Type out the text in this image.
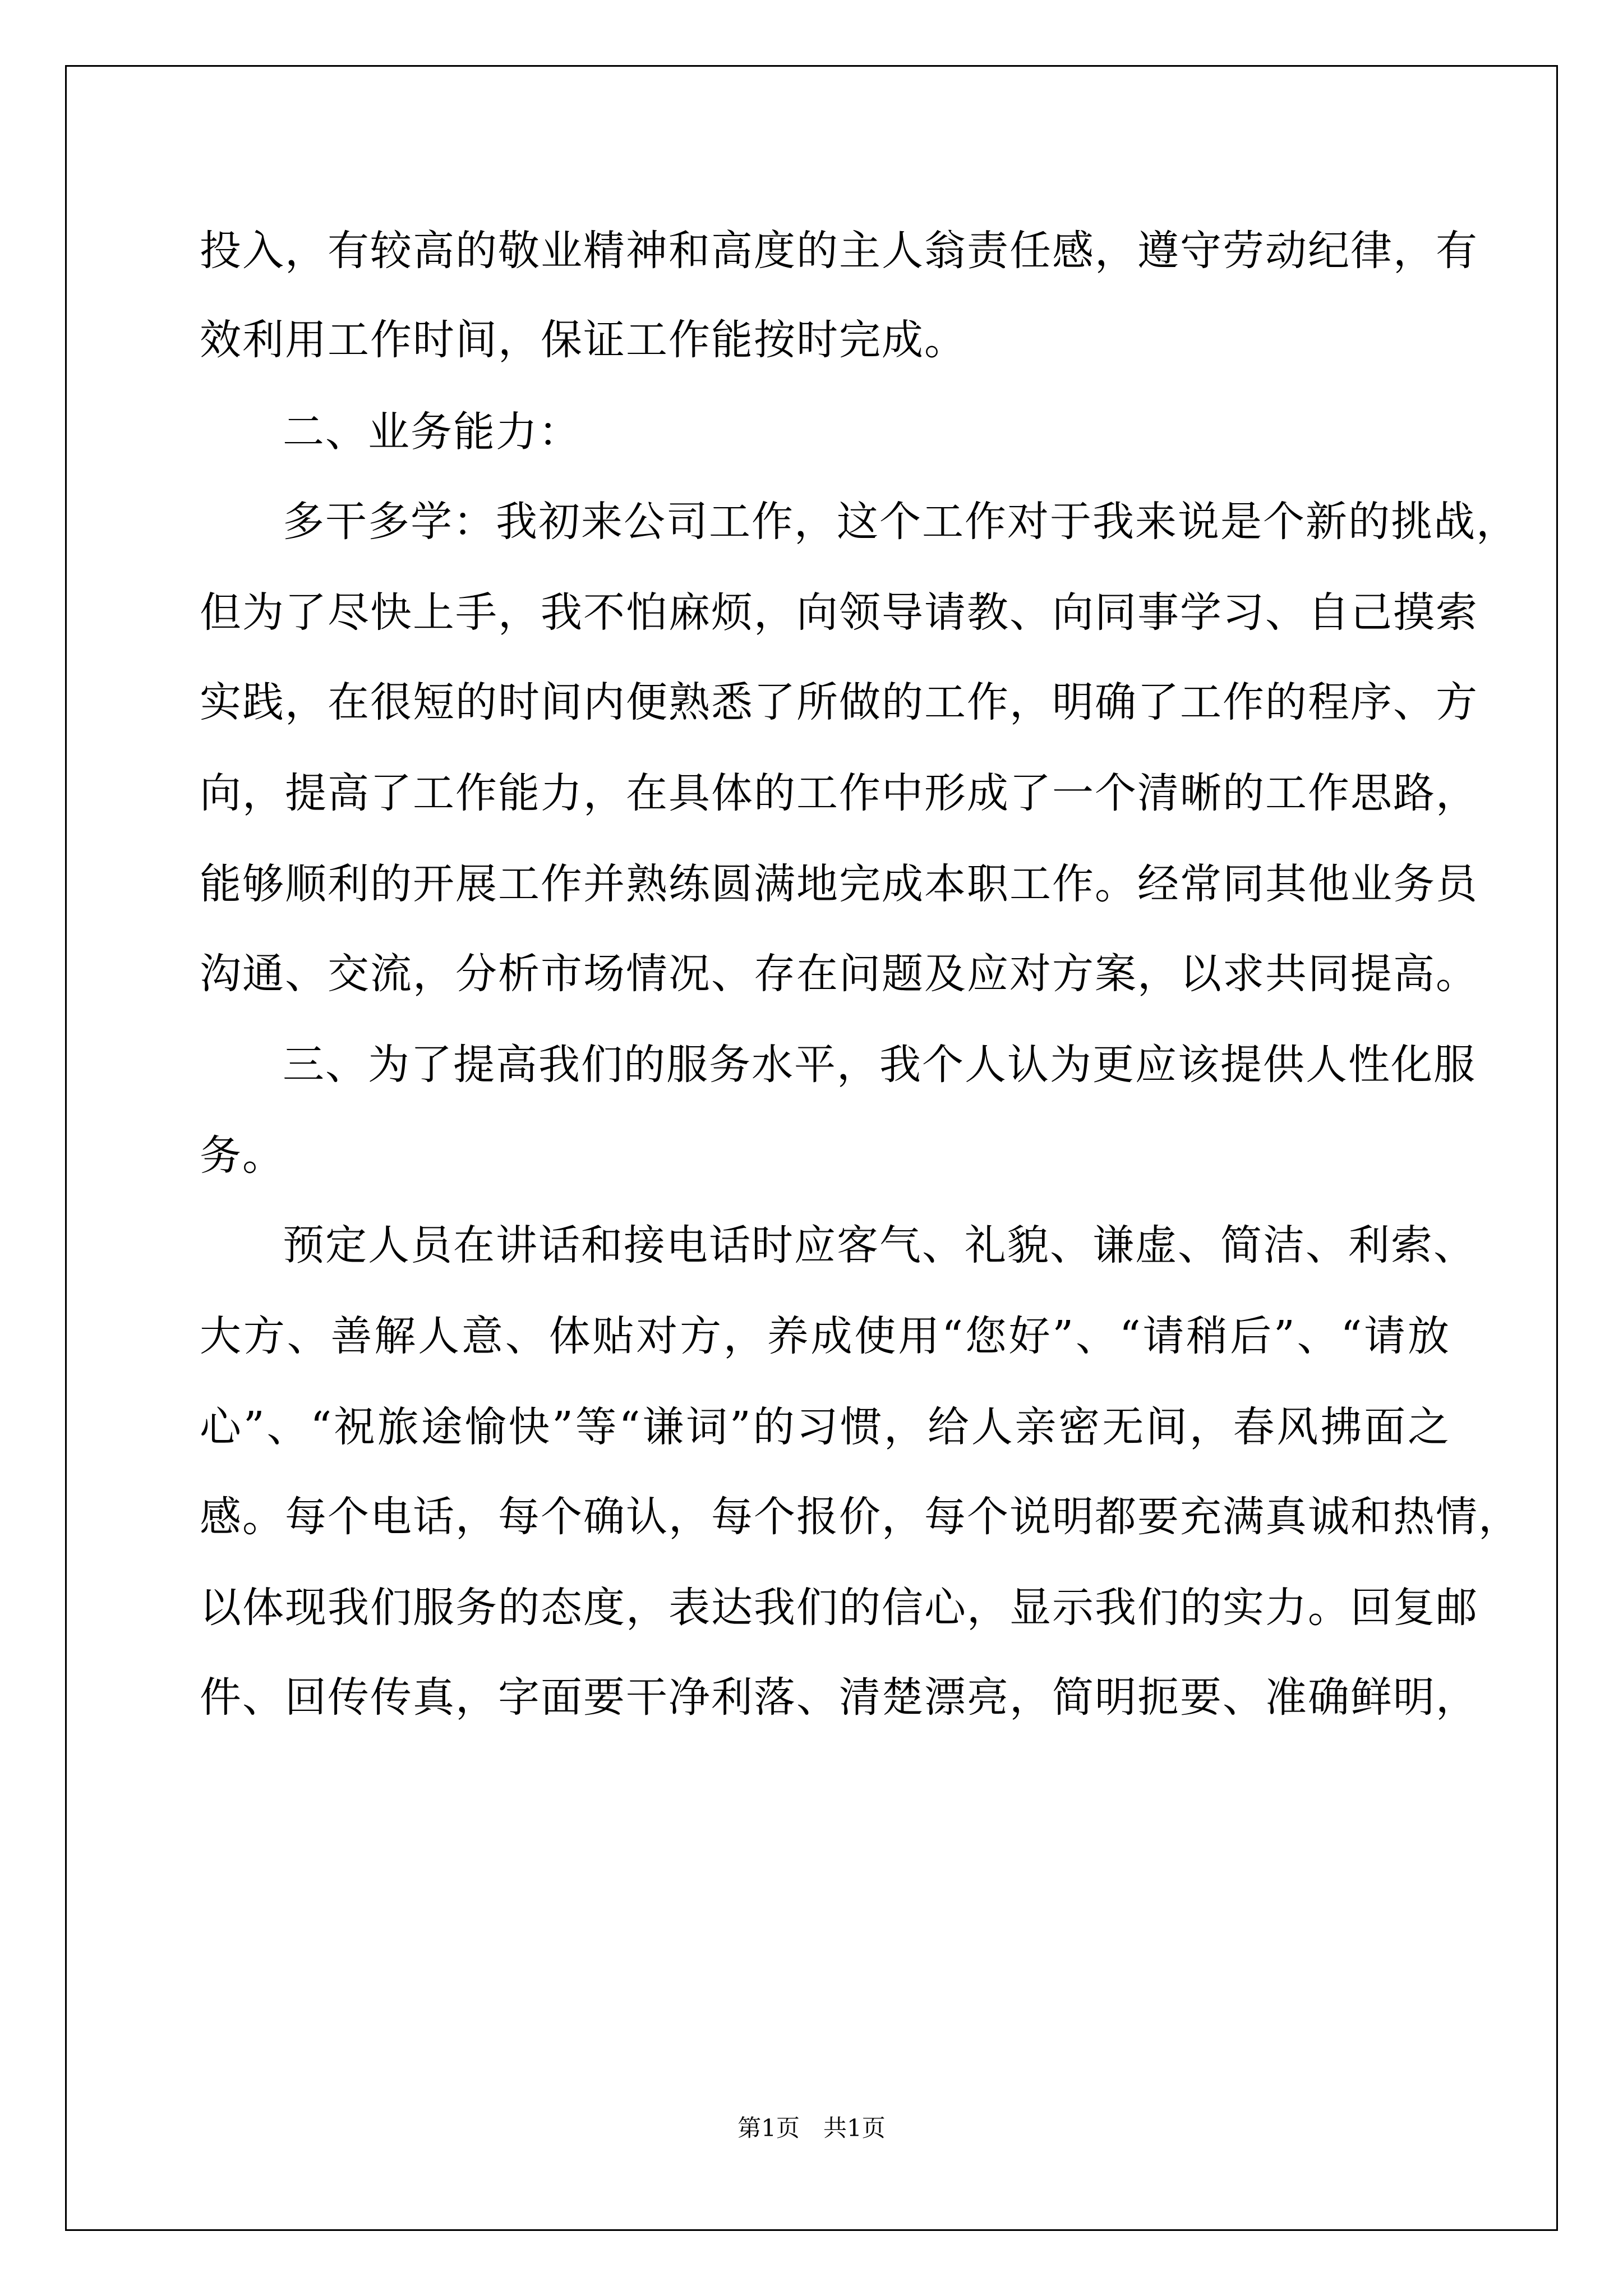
投入，有较高的敬业精神和高度的主人翁责任感，遵守劳动纪律，有
效利用工作时间，保证工作能按时完成。
二、业务能力：
多干多学：我初来公司工作，这个工作对于我来说是个新的挑战，
但为了尽快上手，我不怕麻烦，向领导请教、向同事学习、自己摸索
实践，在很短的时间内便熟悉了所做的工作，明确了工作的程序、方
向，提高了工作能力，在具体的工作中形成了一个清晰的工作思路，
能够顺利的开展工作并熟练圆满地完成本职工作。经常同其他业务员
沟通、交流，分析市场情况、存在问题及应对方案，以求共同提高。
三、为了提高我们的服务水平，我个人认为更应该提供人性化服
务。
预定人员在讲话和接电话时应客气、礼貌、谦虚、简洁、利索、
大方、善解人意、体贴对方，养成使用“您好”、“请稍后”、“请放
心”、“祝旅途愉快”等“谦词”的习惯，给人亲密无间，春风拂面之
感。每个电话，每个确认，每个报价，每个说明都要充满真诚和热情，
以体现我们服务的态度，表达我们的信心，显示我们的实力。回复邮
件、回传传真，字面要干净利落、清楚漂亮，简明扼要、准确鲜明，
第1页　共1页
